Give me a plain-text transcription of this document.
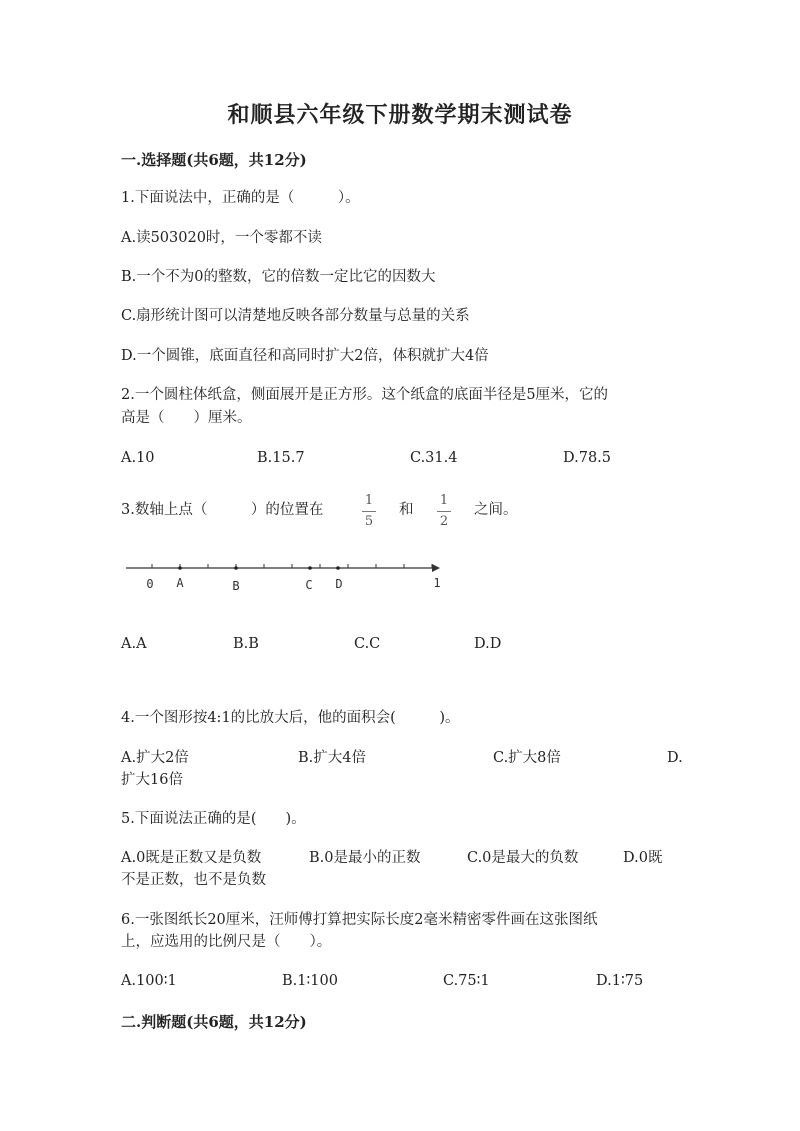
和顺县六年级下册数学期末测试卷
一.选择题(共6题，共12分)
1.下面说法中，正确的是（　　　）。
A.读503020时，一个零都不读
B.一个不为0的整数，它的倍数一定比它的因数大
C.扇形统计图可以清楚地反映各部分数量与总量的关系
D.一个圆锥，底面直径和高同时扩大2倍，体积就扩大4倍
2.一个圆柱体纸盒，侧面展开是正方形。这个纸盒的底面半径是5厘米，它的
高是（　　）厘米。
A.10	B.15.7	C.31.4	D.78.5
3.数轴上点（　　　）的位置在
1
5
和
1
2
之间。
0 A	B	C D	1
A.A	B.B	C.C	D.D
4.一个图形按4:1的比放大后，他的面积会(　　　)。
A.扩大2倍	B.扩大4倍	C.扩大8倍	D.
扩大16倍
5.下面说法正确的是(　　)。
A.0既是正数又是负数	B.0是最小的正数	C.0是最大的负数	D.0既
不是正数，也不是负数
6.一张图纸长20厘米，汪师傅打算把实际长度2毫米精密零件画在这张图纸
上，应选用的比例尺是（　　）。
A.100∶1	B.1∶100	C.75∶1	D.1∶75
二.判断题(共6题，共12分)
